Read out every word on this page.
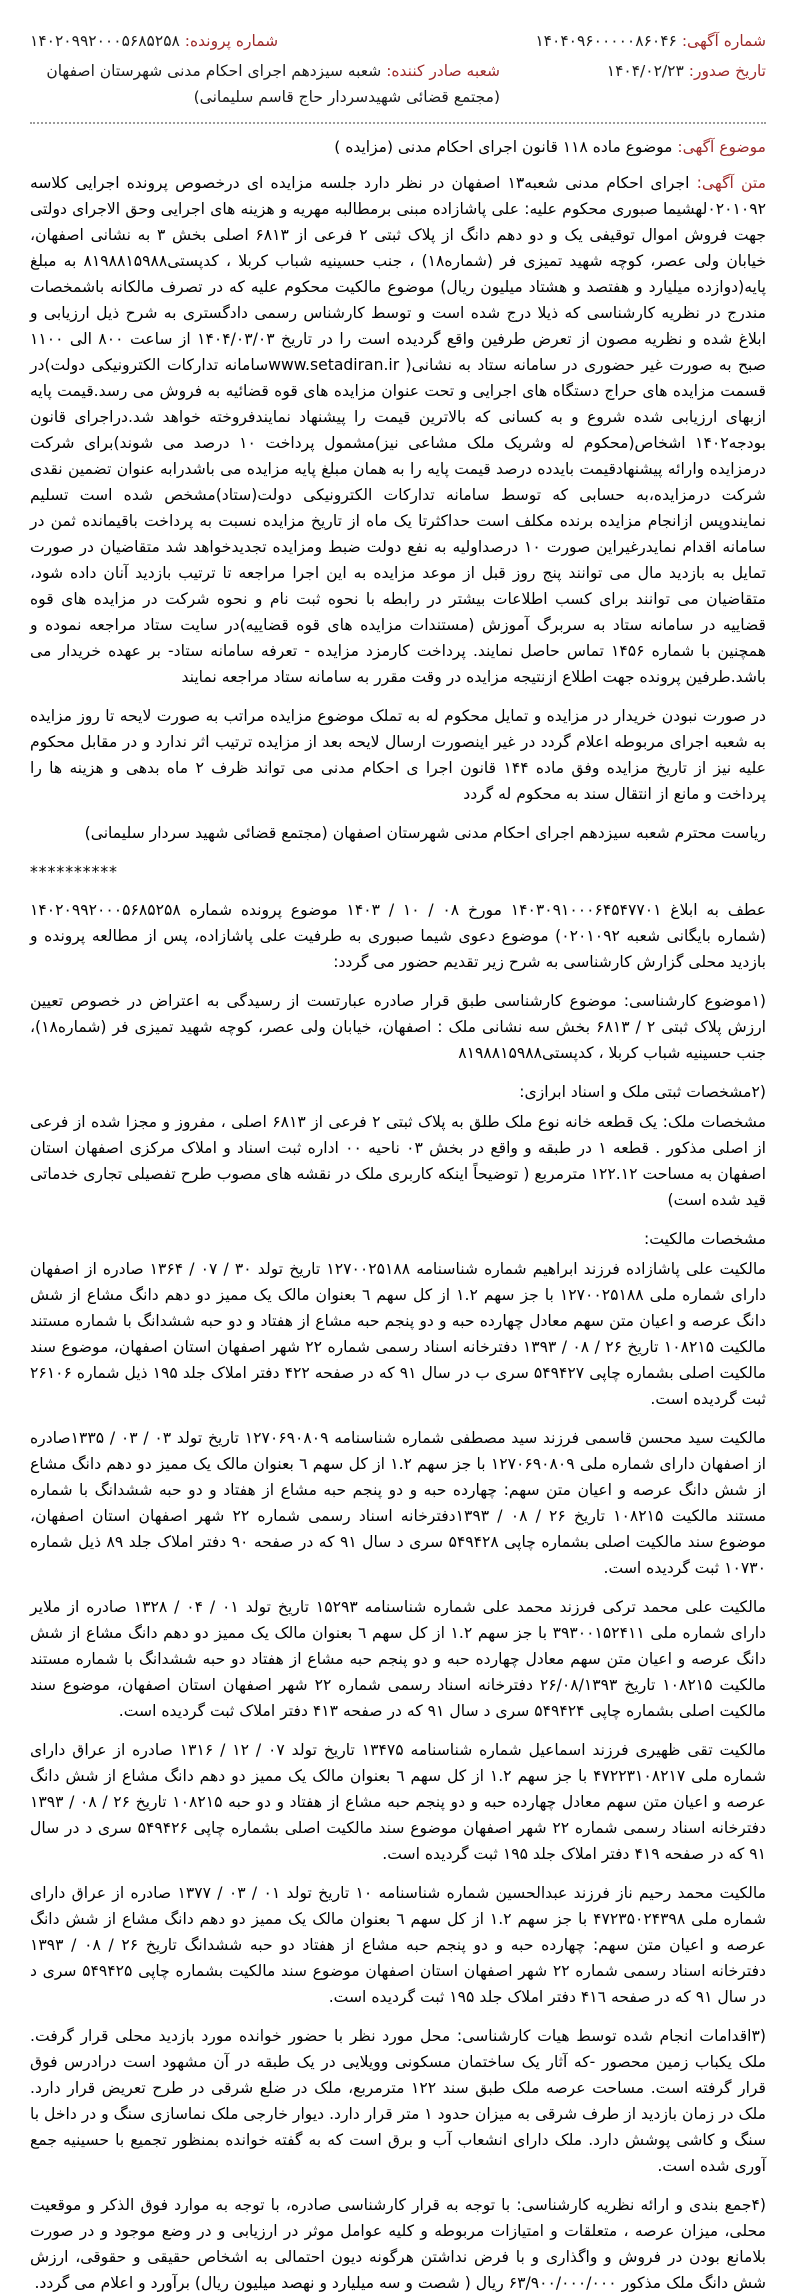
شماره آگهی: ۱۴۰۴۰۹۶۰۰۰۰۰۸۶۰۴۶
شماره پرونده: ۱۴۰۲۰۹۹۲۰۰۰۵۶۸۵۲۵۸
تاریخ صدور: ۱۴۰۴/۰۲/۲۳
شعبه صادر کننده: شعبه سیزدهم اجرای احکام مدنی شهرستان اصفهان (مجتمع قضائی شهیدسردار حاج قاسم سلیمانی)
موضوع آگهی: موضوع ماده ۱۱۸ قانون اجرای احکام مدنی (مزایده )

متن آگهی: اجرای احکام مدنی شعبه۱۳ اصفهان در نظر دارد جلسه مزایده ای درخصوص پرونده اجرایی کلاسه ۰۲۰۱۰۹۲لهشیما صبوری محکوم علیه: علی پاشازاده مبنی برمطالبه مهریه و هزینه های اجرایی وحق الاجرای دولتی جهت فروش اموال توقیفی یک و دو دهم دانگ از پلاک ثبتی ۲ فرعی از ۶۸۱۳ اصلی بخش ۳ به نشانی اصفهان، خیابان ولی عصر، کوچه شهید تمیزی فر (شماره۱۸) ، جنب حسینیه شباب کربلا ، کدپستی۸۱۹۸۸۱۵۹۸۸ به مبلغ پایه(دوازده میلیارد و هفتصد و هشتاد میلیون ریال) موضوع مالکیت محکوم علیه که در تصرف مالکانه باشمخصات مندرج در نظریه کارشناسی که ذیلا درج شده است و توسط کارشناس رسمی دادگستری به شرح ذیل ارزیابی و ابلاغ شده و نظریه مصون از تعرض طرفین واقع گردیده است را در تاریخ ۱۴۰۴/۰۳/۰۳ از ساعت ۸۰۰ الی ۱۱۰۰ صبح به صورت غیر حضوری در سامانه ستاد به نشانی( www.setadiran.irسامانه تدارکات الکترونیکی دولت)در قسمت مزایده های حراج دستگاه های اجرایی و تحت عنوان مزایده های قوه قضائیه به فروش می رسد.قیمت پایه ازبهای ارزیابی شده شروع و به کسانی که بالاترین قیمت را پیشنهاد نمایندفروخته خواهد شد.دراجرای قانون بودجه۱۴۰۲ اشخاص(محکوم له وشریک ملک مشاعی نیز)مشمول پرداخت ۱۰ درصد می شوند)برای شرکت درمزایده وارائه پیشنهادقیمت بایدده درصد قیمت پایه را به همان مبلغ پایه مزایده می باشدرابه عنوان تضمین نقدی شرکت درمزایده،به حسابی که توسط سامانه تدارکات الکترونیکی دولت(ستاد)مشخص شده است تسلیم نمایندوپس ازانجام مزایده برنده مکلف است حداکثرتا یک ماه از تاریخ مزایده نسبت به پرداخت باقیمانده ثمن در سامانه اقدام نمایدرغیراین صورت ۱۰ درصداولیه به نفع دولت ضبط ومزایده تجدیدخواهد شد متقاضیان در صورت تمایل به بازدید مال می توانند پنج روز قبل از موعد مزایده به این اجرا مراجعه تا ترتیب بازدید آنان داده شود، متقاضیان می توانند برای کسب اطلاعات بیشتر در رابطه با نحوه ثبت نام و نحوه شرکت در مزایده های قوه قضاییه در سامانه ستاد به سربرگ آموزش (مستندات مزایده های قوه قضاییه)در سایت ستاد مراجعه نموده و همچنین با شماره ۱۴۵۶ تماس حاصل نمایند. پرداخت کارمزد مزایده - تعرفه سامانه ستاد- بر عهده خریدار می باشد.طرفین پرونده جهت اطلاع ازنتیجه مزایده در وقت مقرر به سامانه ستاد مراجعه نمایند

در صورت نبودن خریدار در مزایده و تمایل محکوم له به تملک موضوع مزایده مراتب به صورت لایحه تا روز مزایده به شعبه اجرای مربوطه اعلام گردد در غیر اینصورت ارسال لایحه بعد از مزایده ترتیب اثر ندارد و در مقابل محکوم علیه نیز از تاریخ مزایده وفق ماده ۱۴۴ قانون اجرا ی احکام مدنی می تواند ظرف ۲ ماه بدهی و هزینه ها را پرداخت و مانع از انتقال سند به محکوم له گردد

ریاست محترم شعبه سیزدهم اجرای احکام مدنی شهرستان اصفهان (مجتمع قضائی شهید سردار سلیمانی)

**********

عطف به ابلاغ ۱۴۰۳۰۹۱۰۰۰۶۴۵۴۷۷۰۱ مورخ ۰۸ / ۱۰ / ۱۴۰۳ موضوع پرونده شماره ۱۴۰۲۰۹۹۲۰۰۰۵۶۸۵۲۵۸ (شماره بایگانی شعبه ۰۲۰۱۰۹۲) موضوع دعوی شیما صبوری به طرفیت علی پاشازاده، پس از مطالعه پرونده و بازدید محلی گزارش کارشناسی به شرح زیر تقدیم حضور می گردد:

(۱موضوع کارشناسی: موضوع کارشناسی طبق قرار صادره عبارتست از رسیدگی به اعتراض در خصوص تعیین ارزش پلاک ثبتی ۲ / ۶۸۱۳ بخش سه نشانی ملک : اصفهان، خیابان ولی عصر، کوچه شهید تمیزی فر (شماره۱۸)، جنب حسینیه شباب کربلا ، کدپستی۸۱۹۸۸۱۵۹۸۸

(۲مشخصات ثبتی ملک و اسناد ابرازی:

مشخصات ملک: یک قطعه خانه نوع ملک طلق به پلاک ثبتی ۲ فرعی از ۶۸۱۳ اصلی ، مفروز و مجزا شده از فرعی از اصلی مذکور . قطعه ۱ در طبقه و واقع در بخش ۰۳ ناحیه ۰۰ اداره ثبت اسناد و املاک مرکزی اصفهان استان اصفهان به مساحت ۱۲۲.۱۲ مترمربع ( توضیحاً اینکه کاربری ملک در نقشه های مصوب طرح تفصیلی تجاری خدماتی قید شده است)

مشخصات مالکیت:

مالکیت علی پاشازاده فرزند ابراهیم شماره شناسنامه ۱۲۷۰۰۲۵۱۸۸ تاریخ تولد ۳۰ / ۰۷ / ۱۳۶۴ صادره از اصفهان دارای شماره ملی ۱۲۷۰۰۲۵۱۸۸ با جز سهم ۱.۲ از کل سهم ٦ بعنوان مالک یک ممیز دو دهم دانگ مشاع از شش دانگ عرصه و اعیان متن سهم معادل چهارده حبه و دو پنجم حبه مشاع از هفتاد و دو حبه ششدانگ با شماره مستند مالکیت ۱۰۸۲۱۵ تاریخ ۲۶ / ۰۸ / ۱۳۹۳ دفترخانه اسناد رسمی شماره ۲۲ شهر اصفهان استان اصفهان، موضوع سند مالکیت اصلی بشماره چاپی ۵۴۹۴۲۷ سری ب در سال ۹۱ که در صفحه ۴۲۲ دفتر املاک جلد ۱۹۵ ذیل شماره ۲۶۱۰۶ ثبت گردیده است.

مالکیت سید محسن قاسمی فرزند سید مصطفی شماره شناسنامه ۱۲۷۰۶۹۰۸۰۹ تاریخ تولد ۰۳ / ۰۳ / ۱۳۳۵صادره از اصفهان دارای شماره ملی ۱۲۷۰۶۹۰۸۰۹ با جز سهم ۱.۲ از کل سهم ٦ بعنوان مالک یک ممیز دو دهم دانگ مشاع از شش دانگ عرصه و اعیان متن سهم: چهارده حبه و دو پنجم حبه مشاع از هفتاد و دو حبه ششدانگ با شماره مستند مالکیت ۱۰۸۲۱۵ تاریخ ۲۶ / ۰۸ / ۱۳۹۳دفترخانه اسناد رسمی شماره ۲۲ شهر اصفهان استان اصفهان، موضوع سند مالکیت اصلی بشماره چاپی ۵۴۹۴۲۸ سری د سال ۹۱ که در صفحه ۹۰ دفتر املاک جلد ۸۹ ذیل شماره ۱۰۷۳۰ ثبت گردیده است.

مالکیت علی محمد ترکی فرزند محمد علی شماره شناسنامه ۱۵۲۹۳ تاریخ تولد ۰۱ / ۰۴ / ۱۳۲۸ صادره از ملایر دارای شماره ملی ۳۹۳۰۰۱۵۲۴۱۱ با جز سهم ۱.۲ از کل سهم ٦ بعنوان مالک یک ممیز دو دهم دانگ مشاع از شش دانگ عرصه و اعیان متن سهم معادل چهارده حبه و دو پنجم حبه مشاع از هفتاد دو حبه ششدانگ با شماره مستند مالکیت ۱۰۸۲۱۵ تاریخ ۲۶/۰۸/۱۳۹۳ دفترخانه اسناد رسمی شماره ۲۲ شهر اصفهان استان اصفهان، موضوع سند مالکیت اصلی بشماره چاپی ۵۴۹۴۲۴ سری د سال ۹۱ که در صفحه ۴۱۳ دفتر املاک ثبت گردیده است.

مالکیت تقی ظهیری فرزند اسماعیل شماره شناسنامه ۱۳۴۷۵ تاریخ تولد ۰۷ / ۱۲ / ۱۳۱۶ صادره از عراق دارای شماره ملی ۴۷۲۲۳۱۰۸۲۱۷ با جز سهم ۱.۲ از کل سهم ٦ بعنوان مالک یک ممیز دو دهم دانگ مشاع از شش دانگ عرصه و اعیان متن سهم معادل چهارده حبه و دو پنجم حبه مشاع از هفتاد و دو حبه ۱۰۸۲۱۵ تاریخ ۲۶ / ۰۸ / ۱۳۹۳ دفترخانه اسناد رسمی شماره ۲۲ شهر اصفهان موضوع سند مالکیت اصلی بشماره چاپی ۵۴۹۴۲۶ سری د در سال ۹۱ که در صفحه ۴۱۹ دفتر املاک جلد ۱۹۵ ثبت گردیده است.

مالکیت محمد رحیم ناز فرزند عبدالحسین شماره شناسنامه ۱۰ تاریخ تولد ۰۱ / ۰۳ / ۱۳۷۷ صادره از عراق دارای شماره ملی ۴۷۲۳۵۰۲۴۳۹۸ با جز سهم ۱.۲ از کل سهم ٦ بعنوان مالک یک ممیز دو دهم دانگ مشاع از شش دانگ عرصه و اعیان متن سهم: چهارده حبه و دو پنجم حبه مشاع از هفتاد دو حبه ششدانگ تاریخ ۲۶ / ۰۸ / ۱۳۹۳ دفترخانه اسناد رسمی شماره ۲۲ شهر اصفهان استان اصفهان موضوع سند مالکیت بشماره چاپی ۵۴۹۴۲۵ سری د در سال ۹۱ که در صفحه ۴۱٦ دفتر املاک جلد ۱۹۵ ثبت گردیده است.

(۳اقدامات انجام شده توسط هیات کارشناسی: محل مورد نظر با حضور خوانده مورد بازدید محلی قرار گرفت. ملک یکباب زمین محصور -که آثار یک ساختمان مسکونی وویلایی در یک طبقه در آن مشهود است درادرس فوق قرار گرفته است. مساحت عرصه ملک طبق سند ۱۲۲ مترمربع، ملک در ضلع شرقی در طرح تعریض قرار دارد. ملک در زمان بازدید از طرف شرقی به میزان حدود ۱ متر قرار دارد. دیوار خارجی ملک نماسازی سنگ و در داخل با سنگ و کاشی پوشش دارد. ملک دارای انشعاب آب و برق است که به گفته خوانده بمنظور تجمیع با حسینیه جمع آوری شده است.

(۴جمع بندی و ارائه نظریه کارشناسی: با توجه به قرار کارشناسی صادره، با توجه به موارد فوق الذکر و موقعیت محلی، میزان عرصه ، متعلقات و امتیازات مربوطه و کلیه عوامل موثر در ارزیابی و در وضع موجود و در صورت بلامانع بودن در فروش و واگذاری و با فرض نداشتن هرگونه دیون احتمالی به اشخاص حقیقی و حقوقی، ارزش شش دانگ ملک مذکور ۶۳/۹۰۰/۰۰۰/۰۰۰ ریال ( شصت و سه میلیارد و نهصد میلیون ریال) برآورد و اعلام می گردد.
